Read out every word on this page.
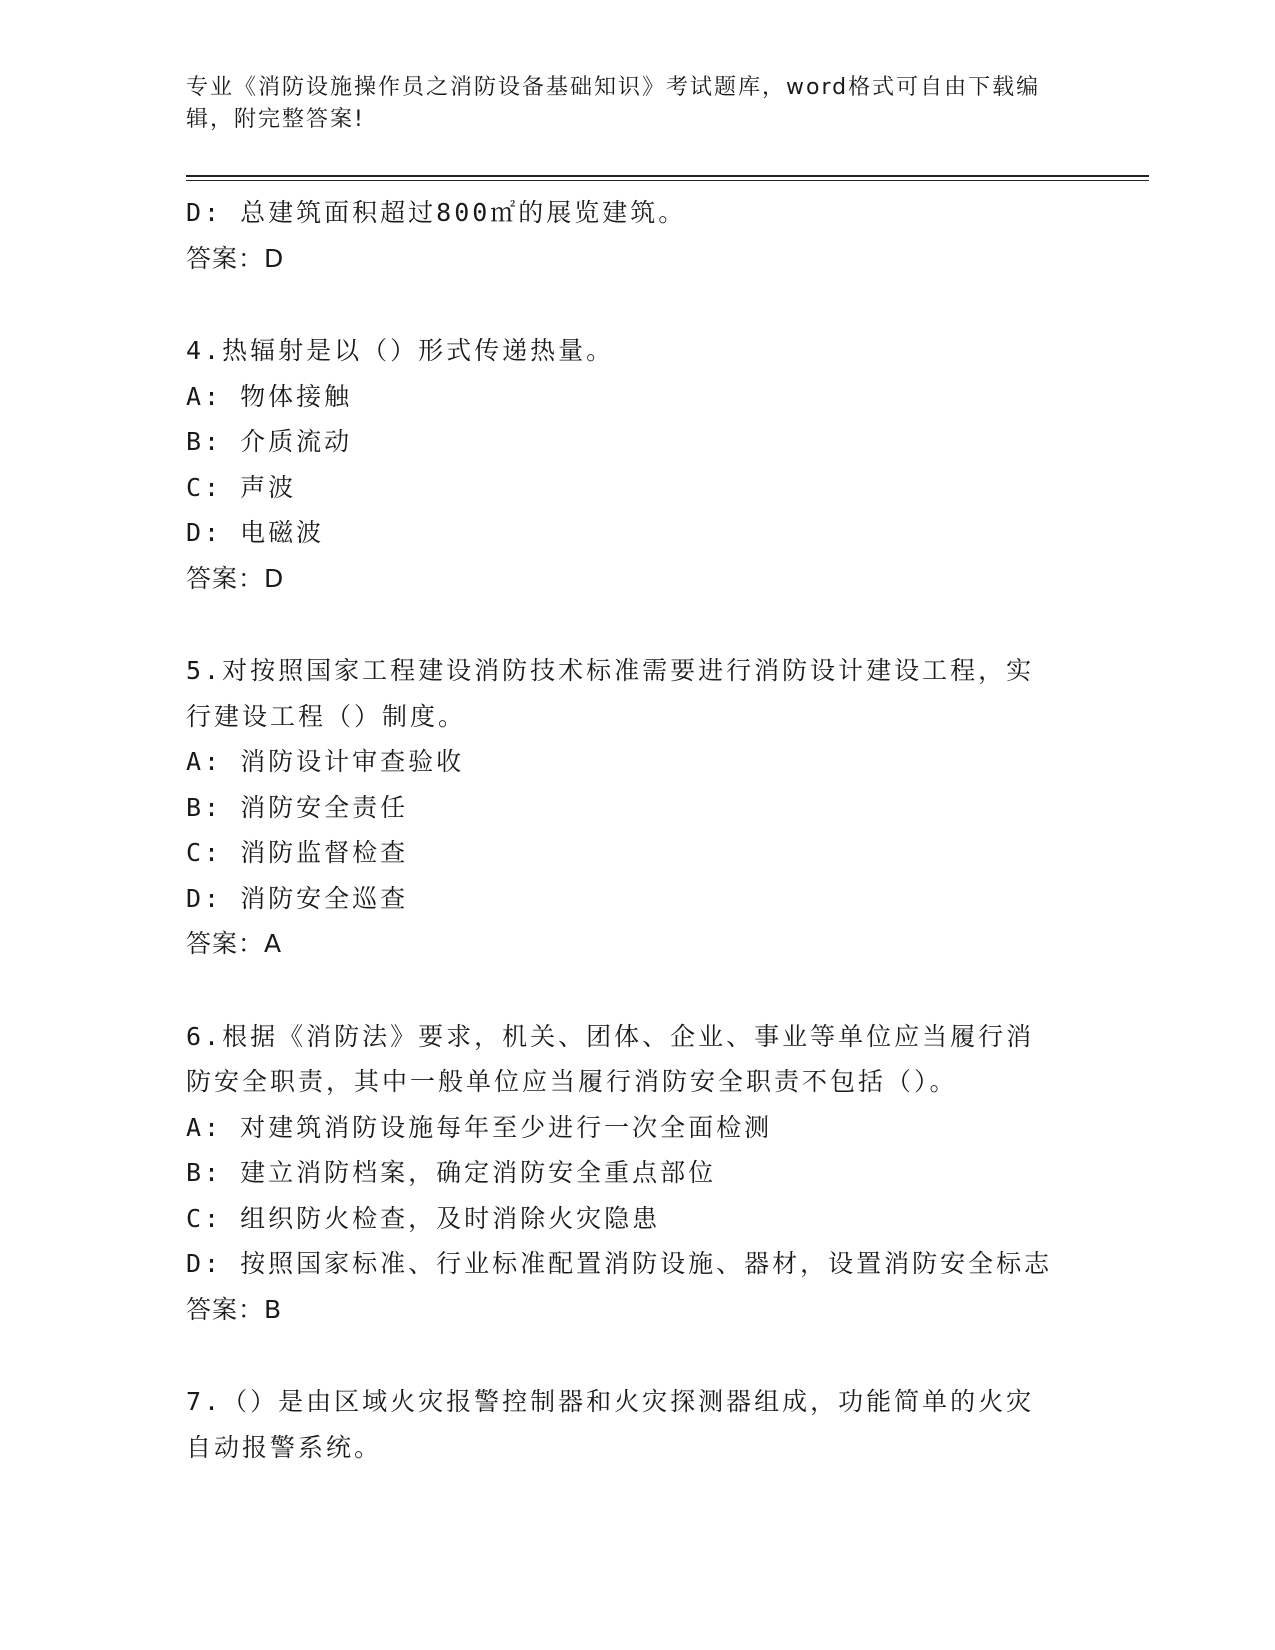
专业《消防设施操作员之消防设备基础知识》考试题库，word格式可自由下载编辑，附完整答案!
D: 总建筑面积超过800㎡的展览建筑。
答案：D
4.热辐射是以（）形式传递热量。
A: 物体接触
B: 介质流动
C: 声波
D: 电磁波
答案：D
5.对按照国家工程建设消防技术标准需要进行消防设计建设工程，实
行建设工程（）制度。
A: 消防设计审查验收
B: 消防安全责任
C: 消防监督检查
D: 消防安全巡查
答案：A
6.根据《消防法》要求，机关、团体、企业、事业等单位应当履行消
防安全职责，其中一般单位应当履行消防安全职责不包括（）。
A: 对建筑消防设施每年至少进行一次全面检测
B: 建立消防档案，确定消防安全重点部位
C: 组织防火检查，及时消除火灾隐患
D: 按照国家标准、行业标准配置消防设施、器材，设置消防安全标志
答案：B
7.（）是由区域火灾报警控制器和火灾探测器组成，功能简单的火灾
自动报警系统。
